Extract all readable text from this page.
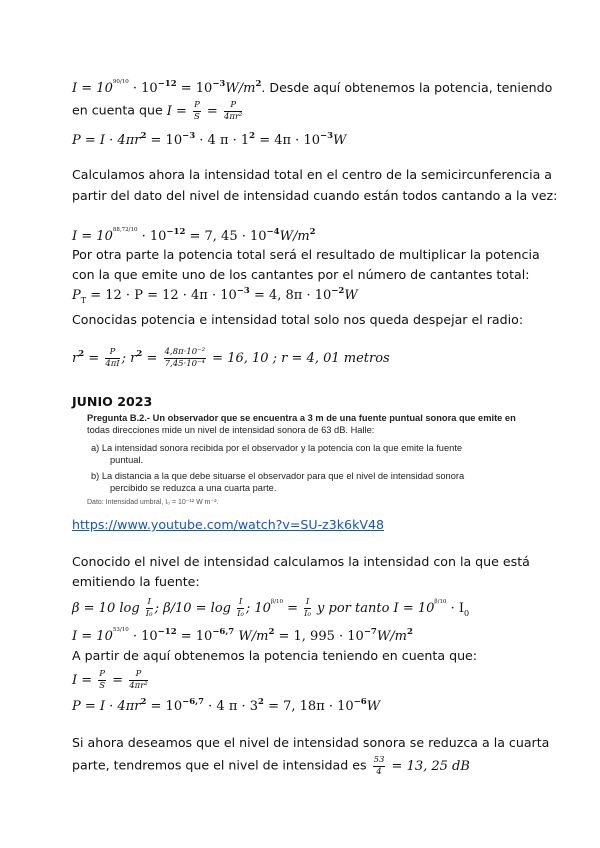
$I = 10^{90/10} \cdot 10^{-12} = 10^{-3}W/m^2$. Desde aquí obtenemos la potencia, teniendo
en cuenta que $I = \frac{P}{S} = \frac{P}{\text{4πr²}}$
$P = I \cdot 4\pi r^2 = 10^{-3} \cdot 4$ $\pi \cdot 1^2 = 4\pi \cdot 10^{-3}W$
Calculamos ahora la intensidad total en el centro de la semicircunferencia a
partir del dato del nivel de intensidad cuando están todos cantando a la vez:
$I = 10^{88,72/10} \cdot 10^{-12} = 7$, $45 \cdot 10^{-4}W/m^2$
Por otra parte la potencia total será el resultado de multiplicar la potencia
con la que emite uno de los cantantes por el número de cantantes total:
$P_T = 12 \cdot P = 12 \cdot 4\pi \cdot 10^{-3} = 4$, $8\pi \cdot 10^{-2}W$
Conocidas potencia e intensidad total solo nos queda despejar el radio:
$r^2 = \frac{P}{4\pi I}$ ; $r^2 = \frac{\text{4,8π·10⁻²}}{\text{7,45·10⁻⁴}} = 16$, 10 ; r = 4, 01 metros
JUNIO 2023
Pregunta B.2.- Un observador que se encuentra a 3 m de una fuente puntual sonora que emite en
todas direcciones mide un nivel de intensidad sonora de 63 dB. Halle:
a) La intensidad sonora recibida por el observador y la potencia con la que emite la fuente
puntual.
b) La distancia a la que debe situarse el observador para que el nivel de intensidad sonora
percibido se reduzca a una cuarta parte.
Dato: Intensidad umbral, I₀ = 10⁻¹² W m⁻².
https://www.youtube.com/watch?v=SU-z3k6kV48
Conocido el nivel de intensidad calculamos la intensidad con la que está
emitiendo la fuente:
β = 10 $\log \frac{I}{\text{I₀}}$ ; $\beta/10 = \log \frac{I}{\text{I₀}}$ ; $10^{\beta/10} = \frac{I}{\text{I₀}}$ y por tanto $I = 10^{\beta/10} \cdot I_0$
$I = 10^{53/10} \cdot 10^{-12} = 10^{-6,7}$ $W/m^2 = 1$, $995 \cdot 10^{-7}W/m^2$
A partir de aquí obtenemos la potencia teniendo en cuenta que:
$I = \frac{P}{S} = \frac{P}{\text{4πr²}}$
$P = I \cdot 4\pi r^2 = 10^{-6,7} \cdot 4$ $\pi \cdot 3^2 = 7$, $18\pi \cdot 10^{-6}W$
Si ahora deseamos que el nivel de intensidad sonora se reduzca a la cuarta
parte, tendremos que el nivel de intensidad es $\frac{53}{4} = 13$, 25 dB
